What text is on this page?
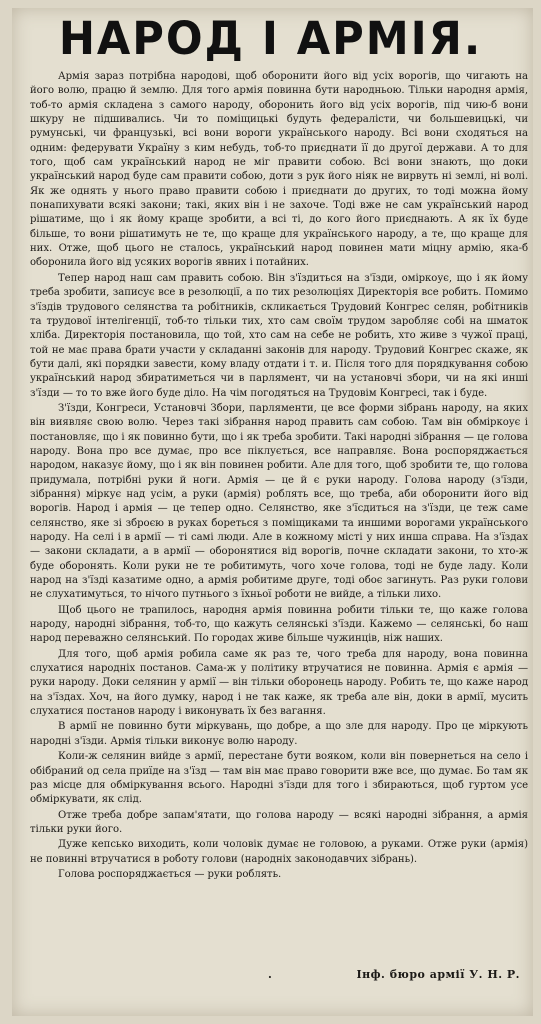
НАРОД І АРМІЯ.

Армія зараз потрібна народові, щоб оборонити його від усіх ворогів, що чигають на його волю, працю й землю. Для того армія повинна бути народньою. Тільки народня армія, тоб-то армія складена з самого народу, оборонить його від усіх ворогів, під чию-б вони шкуру не підшивались. Чи то поміщицькі будуть федералісти, чи большевицькі, чи румунські, чи французькі, всі вони вороги українського народу. Всі вони сходяться на одним: федерувати Україну з ким небудь, тоб-то приєднати її до другої держави. А то для того, щоб сам український народ не міг правити собою. Всі вони знають, що доки український народ буде сам правити собою, доти з рук його ніяк не вирвуть ні землі, ні волі. Як же однять у нього право правити собою і приєднати до других, то тоді можна йому понапихувати всякі закони; такі, яких він і не захоче. Тоді вже не сам український народ рішатиме, що і як йому краще зробити, а всі ті, до кого його приєднають. А як їх буде більше, то вони рішатимуть не те, що краще для українського народу, а те, що краще для них. Отже, щоб цього не сталось, український народ повинен мати міцну армію, яка-б оборонила його від усяких ворогів явних і потайних.

Тепер народ наш сам править собою. Він з'їздиться на з'їзди, оміркоує, що і як йому треба зробити, записує все в резолюції, а по тих резолюціях Директорія все робить. Помимо з'їздів трудового селянства та робітників, скликається Трудовий Конгрес селян, робітників та трудової інтелігенції, тоб-то тільки тих, хто сам своїм трудом заробляє собі на шматок хліба. Директорія постановила, що той, хто сам на себе не робить, хто живе з чужої праці, той не має права брати участи у складанні законів для народу. Трудовий Конгрес скаже, як бути далі, які порядки завести, кому владу отдати і т. и. Після того для порядкування собою український народ збиратиметься чи в парлямент, чи на установчі збори, чи на які инші з'їзди — то то вже його буде діло. На чім погодяться на Трудовім Конгресі, так і буде.

З'їзди, Конгреси, Установчі Збори, парляменти, це все форми зібрань народу, на яких він виявляє свою волю. Через такі зібрання народ править сам собою. Там він обміркоує і постановляє, що і як повинно бути, що і як треба зробити. Такі народні зібрання — це голова народу. Вона про все думає, про все піклується, все направляє. Вона роспоряджається народом, наказує йому, що і як він повинен робити. Але для того, щоб зробити те, що голова придумала, потрібні руки й ноги. Армія — це й є руки народу. Голова народу (з'їзди, зібрання) міркує над усім, а руки (армія) роблять все, що треба, аби оборонити його від ворогів. Народ і армія — це тепер одно. Селянство, яке з'їсдиться на з'їзди, це теж саме селянство, яке зі зброєю в руках бореться з поміщиками та иншими ворогами українського народу. На селі і в армії — ті самі люди. Але в кожному місті у них инша справа. На з'їздах — закони складати, а в армії — оборонятися від ворогів, почне складати закони, то хто-ж буде оборонять. Коли руки не те робитимуть, чого хоче голова, тоді не буде ладу. Коли народ на з'їзді казатиме одно, а армія робитиме друге, тоді обоє загинуть. Раз руки голови не слухатимуться, то нічого путнього з їхньої роботи не вийде, а тільки лихо.

Щоб цього не трапилось, народня армія повинна робити тільки те, що каже голова народу, народні зібрання, тоб-то, що кажуть селянські з'їзди. Кажемо — селянські, бо наш народ переважно селянський. По городах живе більше чужинців, ніж наших.

Для того, щоб армія робила саме як раз те, чого треба для народу, вона повинна слухатися народніх постанов. Сама-ж у політику втручатися не повинна. Армія є армія — руки народу. Доки селянин у армії — він тільки оборонець народу. Робить те, що каже народ на з'їздах. Хоч, на його думку, народ і не так каже, як треба але він, доки в армії, мусить слухатися постанов народу і виконувать їх без вагання.

В армії не повинно бути міркувань, що добре, а що зле для народу. Про це міркують народні з'їзди. Армія тільки виконує волю народу.

Коли-ж селянин вийде з армії, перестане бути вояком, коли він повернеться на село і обібраний од села приїде на з'їзд — там він має право говорити вже все, що думає. Бо там як раз місце для обміркування всього. Народні з'їзди для того і збираються, щоб гуртом усе обміркувати, як слід.

Отже треба добре запам'ятати, що голова народу — всякі народні зібрання, а армія тільки руки його.

Дуже кепсько виходить, коли чоловік думає не головою, а руками. Отже руки (армія) не повинні втручатися в роботу голови (народніх законодавчих зібрань).

Голова роспоряджається — руки роблять.

.	Інф. бюро армії У. Н. Р.
